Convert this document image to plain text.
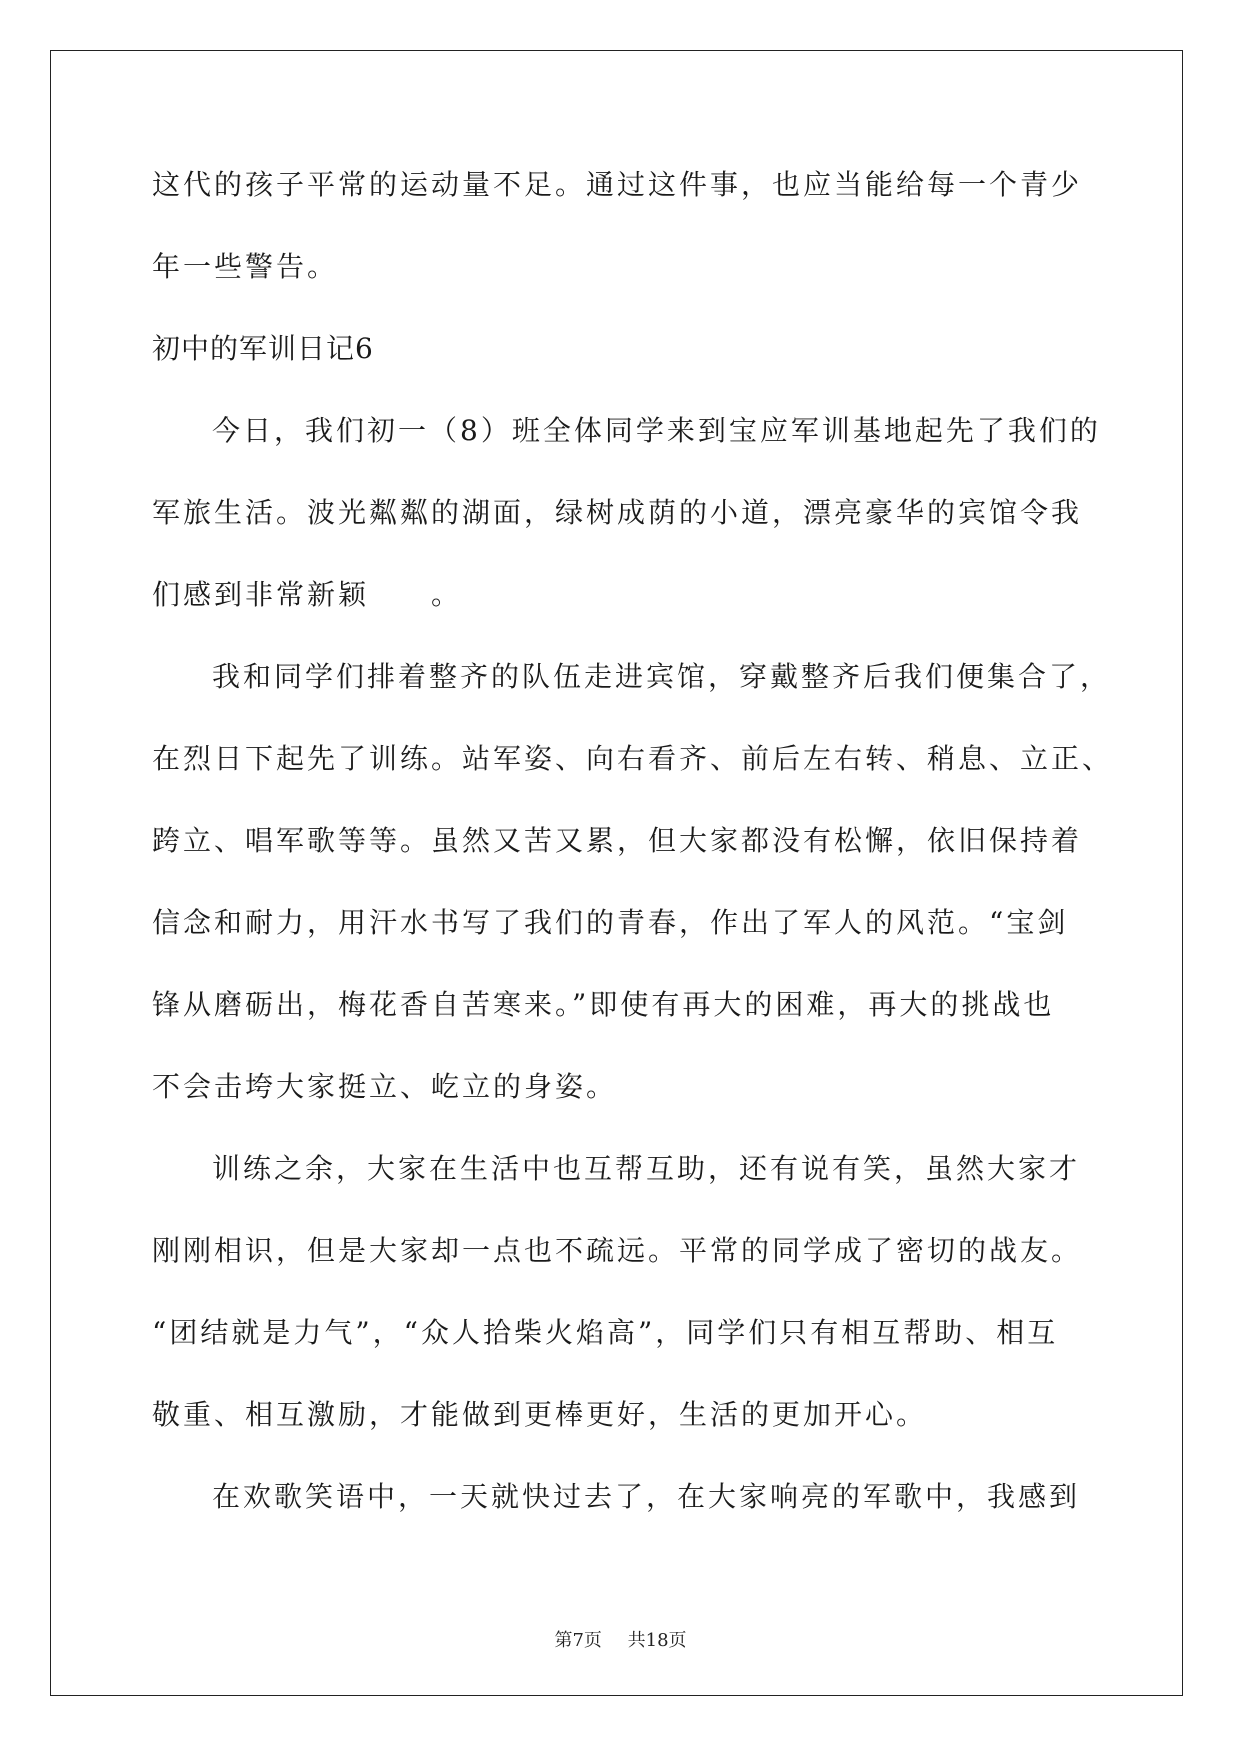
这代的孩子平常的运动量不足。通过这件事，也应当能给每一个青少
年一些警告。
初中的军训日记6
今日，我们初一（8）班全体同学来到宝应军训基地起先了我们的
军旅生活。波光粼粼的湖面，绿树成荫的小道，漂亮豪华的宾馆令我
们感到非常新颖　　。
我和同学们排着整齐的队伍走进宾馆，穿戴整齐后我们便集合了，
在烈日下起先了训练。站军姿、向右看齐、前后左右转、稍息、立正、
跨立、唱军歌等等。虽然又苦又累，但大家都没有松懈，依旧保持着
信念和耐力，用汗水书写了我们的青春，作出了军人的风范。“宝剑
锋从磨砺出，梅花香自苦寒来。”即使有再大的困难，再大的挑战也
不会击垮大家挺立、屹立的身姿。
训练之余，大家在生活中也互帮互助，还有说有笑，虽然大家才
刚刚相识，但是大家却一点也不疏远。平常的同学成了密切的战友。
“团结就是力气”，“众人拾柴火焰高”，同学们只有相互帮助、相互
敬重、相互激励，才能做到更棒更好，生活的更加开心。
在欢歌笑语中，一天就快过去了，在大家响亮的军歌中，我感到
第7页 共18页
